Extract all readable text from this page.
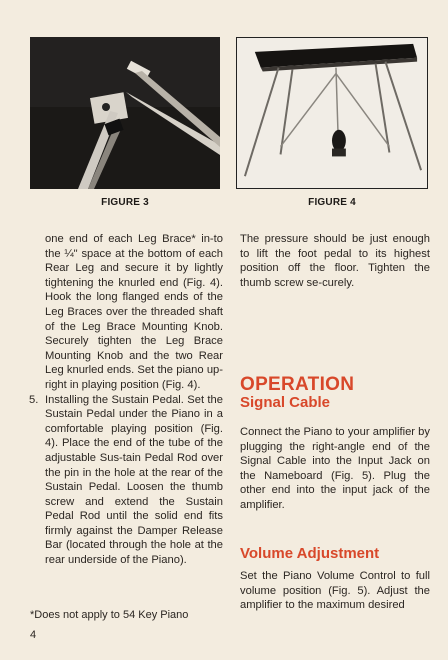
FIGURE 3	FIGURE 4

one end of each Leg Brace* in-to the ¼" space at the bottom of each Rear Leg and secure it by lightly tightening the knurled end (Fig. 4). Hook the long flanged ends of the Leg Braces over the threaded shaft of the Leg Brace Mounting Knob. Securely tighten the Leg Brace Mounting Knob and the two Rear Leg knurled ends. Set the piano up-right in playing position (Fig. 4).

5. Installing the Sustain Pedal. Set the Sustain Pedal under the Piano in a comfortable playing position (Fig. 4). Place the end of the tube of the adjustable Sus-tain Pedal Rod over the pin in the hole at the rear of the Sustain Pedal. Loosen the thumb screw and extend the Sustain Pedal Rod until the solid end fits firmly against the Damper Release Bar (located through the hole at the rear underside of the Piano).

The pressure should be just enough to lift the foot pedal to its highest position off the floor. Tighten the thumb screw se-curely.

OPERATION
Signal Cable

Connect the Piano to your amplifier by plugging the right-angle end of the Signal Cable into the Input Jack on the Nameboard (Fig. 5). Plug the other end into the input jack of the amplifier.

Volume Adjustment

Set the Piano Volume Control to full volume position (Fig. 5). Adjust the amplifier to the maximum desired

*Does not apply to 54 Key Piano
4
